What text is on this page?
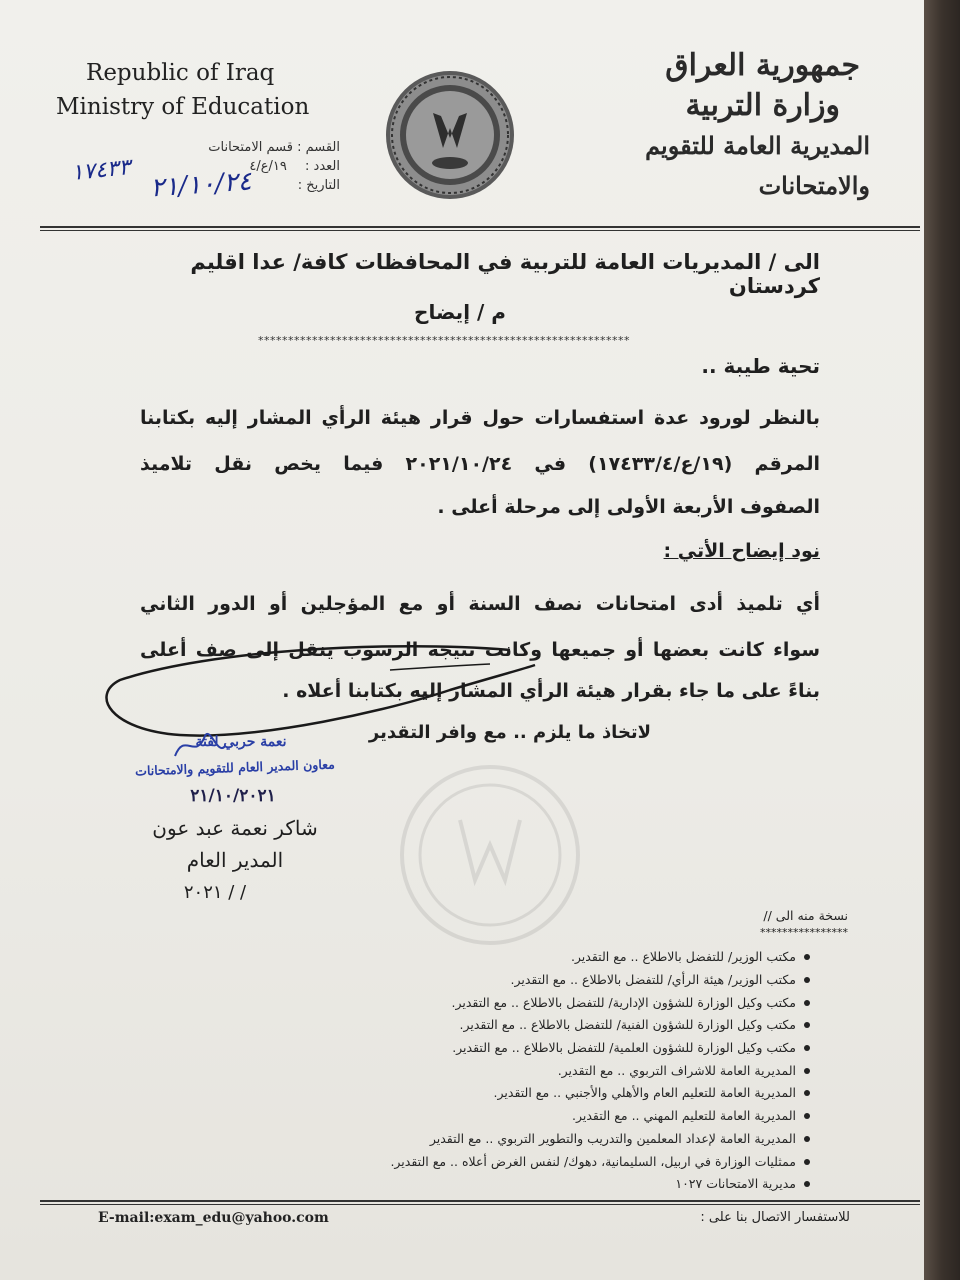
Republic of Iraq
Ministry of Education
جمهورية العراق
وزارة التربية
المديرية العامة للتقويم والامتحانات
القسم : قسم الامتحانات
العدد : ١٩/ع/٤
التاريخ :
١٧٤٣٣ ٢١/١٠/٢٤
الى / المديريات العامة للتربية في المحافظات كافة/ عدا اقليم كردستان
م / إيضاح
**************************************************************
تحية طيبة ..
بالنظر لورود عدة استفسارات حول قرار هيئة الرأي المشار إليه بكتابنا
المرقم (١٩/ع/١٧٤٣٣/٤) في ٢٠٢١/١٠/٢٤ فيما يخص نقل تلاميذ
الصفوف الأربعة الأولى إلى مرحلة أعلى .
نود إيضاح الأتي :
أي تلميذ أدى امتحانات نصف السنة أو مع المؤجلين أو الدور الثاني
سواء كانت بعضها أو جميعها وكانت نتيجة الرسوب ينقل إلى صف أعلى
بناءً على ما جاء بقرار هيئة الرأي المشار إليه بكتابنا أعلاه .
لاتخاذ ما يلزم .. مع وافر التقدير
نعمة حربي لفتة
معاون المدير العام للتقويم والامتحانات
٢١/١٠/٢٠٢١
شاكر نعمة عبد عون
المدير العام
/ / ٢٠٢١
نسخة منه الى //
****************
مكتب الوزير/ للتفضل بالاطلاع .. مع التقدير.
مكتب الوزير/ هيئة الرأي/ للتفضل بالاطلاع .. مع التقدير.
مكتب وكيل الوزارة للشؤون الإدارية/ للتفضل بالاطلاع .. مع التقدير.
مكتب وكيل الوزارة للشؤون الفنية/ للتفضل بالاطلاع .. مع التقدير.
مكتب وكيل الوزارة للشؤون العلمية/ للتفضل بالاطلاع .. مع التقدير.
المديرية العامة للاشراف التربوي .. مع التقدير.
المديرية العامة للتعليم العام والأهلي والأجنبي .. مع التقدير.
المديرية العامة للتعليم المهني .. مع التقدير.
المديرية العامة لإعداد المعلمين والتدريب والتطوير التربوي .. مع التقدير
ممثليات الوزارة في اربيل، السليمانية، دهوك/ لنفس الغرض أعلاه .. مع التقدير.
مديرية الامتحانات ١٠٢٧
E-mail:exam_edu@yahoo.com	للاستفسار الاتصال بنا على :
